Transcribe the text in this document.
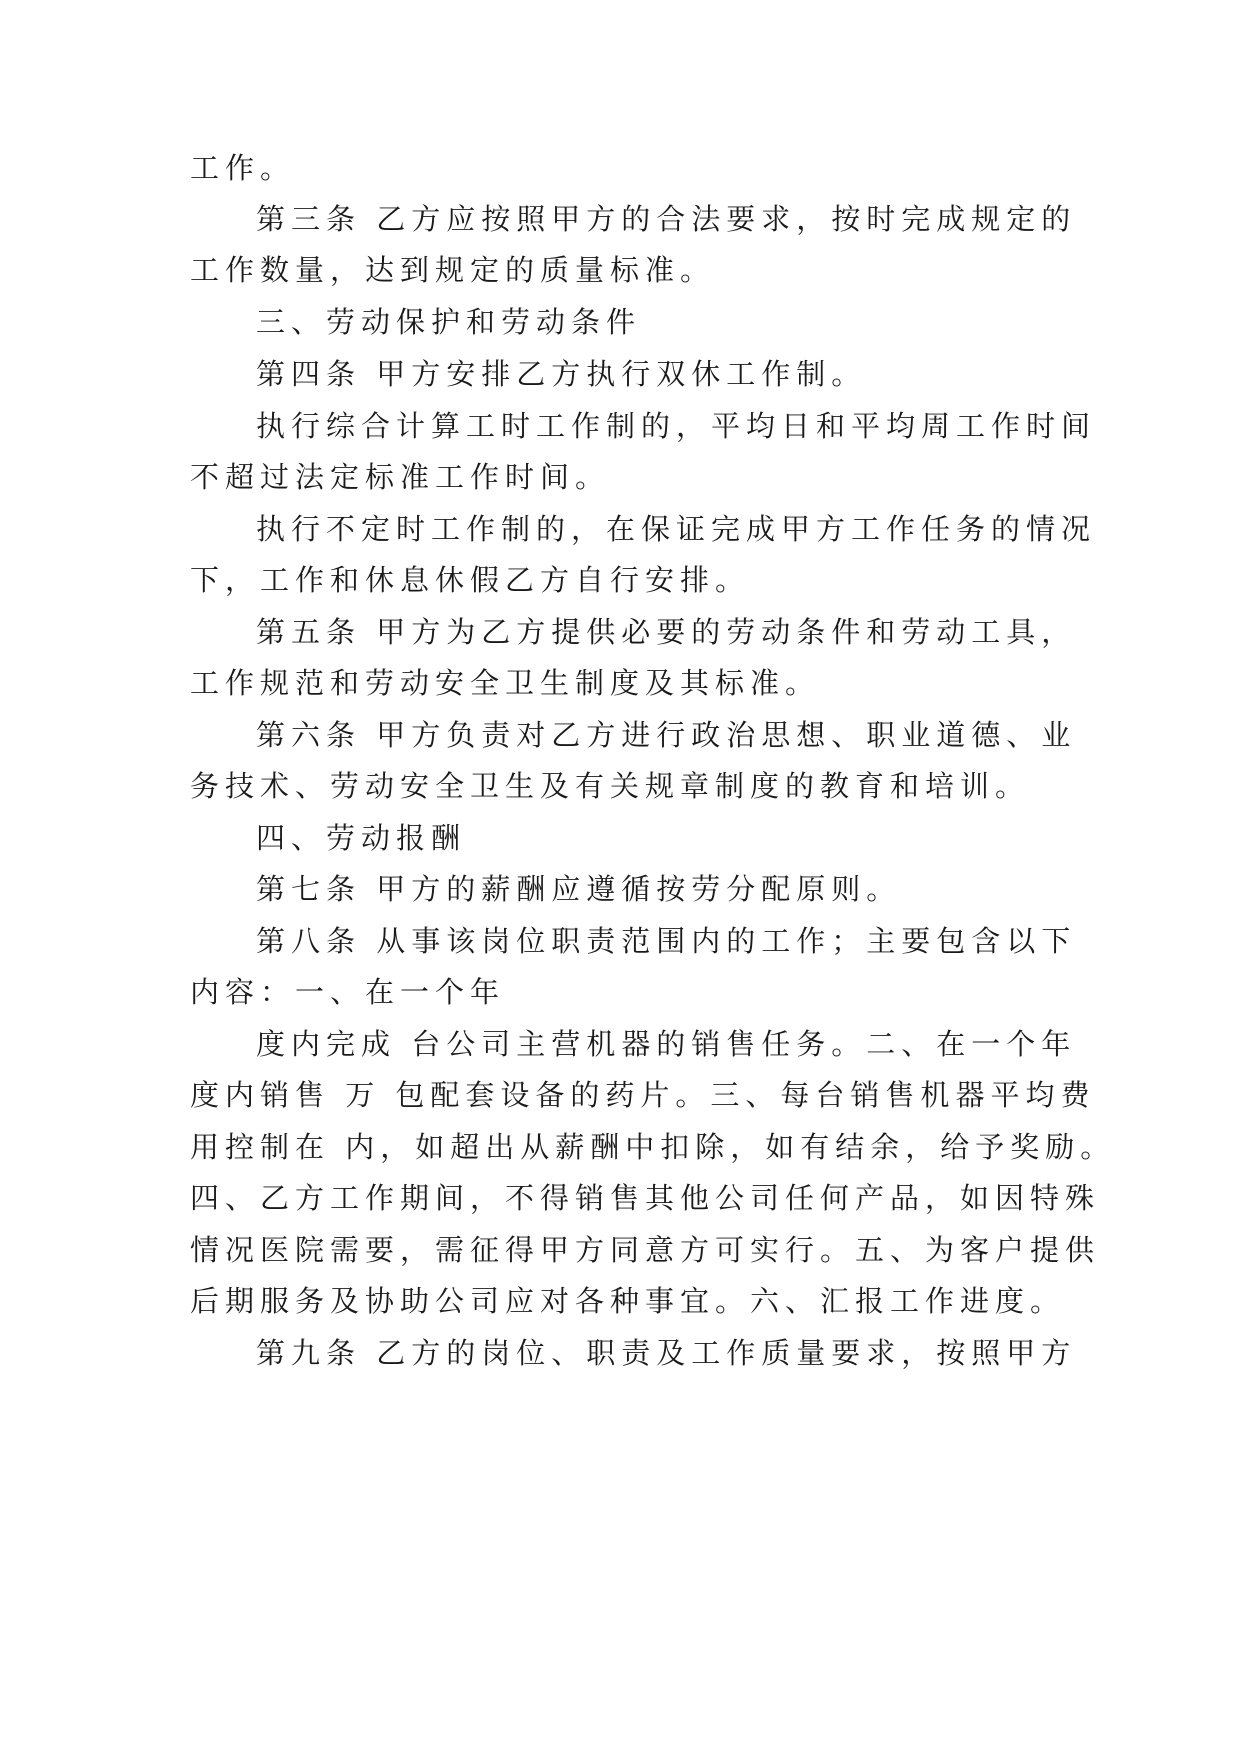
工作。

第三条 乙方应按照甲方的合法要求，按时完成规定的

工作数量，达到规定的质量标准。

三、劳动保护和劳动条件

第四条 甲方安排乙方执行双休工作制。

执行综合计算工时工作制的，平均日和平均周工作时间

不超过法定标准工作时间。

执行不定时工作制的，在保证完成甲方工作任务的情况

下，工作和休息休假乙方自行安排。

第五条 甲方为乙方提供必要的劳动条件和劳动工具，

工作规范和劳动安全卫生制度及其标准。

第六条 甲方负责对乙方进行政治思想、职业道德、业

务技术、劳动安全卫生及有关规章制度的教育和培训。

四、劳动报酬

第七条 甲方的薪酬应遵循按劳分配原则。

第八条 从事该岗位职责范围内的工作；主要包含以下

内容：一、在一个年

度内完成 台公司主营机器的销售任务。二、在一个年

度内销售 万 包配套设备的药片。三、每台销售机器平均费

用控制在 内，如超出从薪酬中扣除，如有结余，给予奖励。

四、乙方工作期间，不得销售其他公司任何产品，如因特殊

情况医院需要，需征得甲方同意方可实行。五、为客户提供

后期服务及协助公司应对各种事宜。六、汇报工作进度。

第九条 乙方的岗位、职责及工作质量要求，按照甲方
